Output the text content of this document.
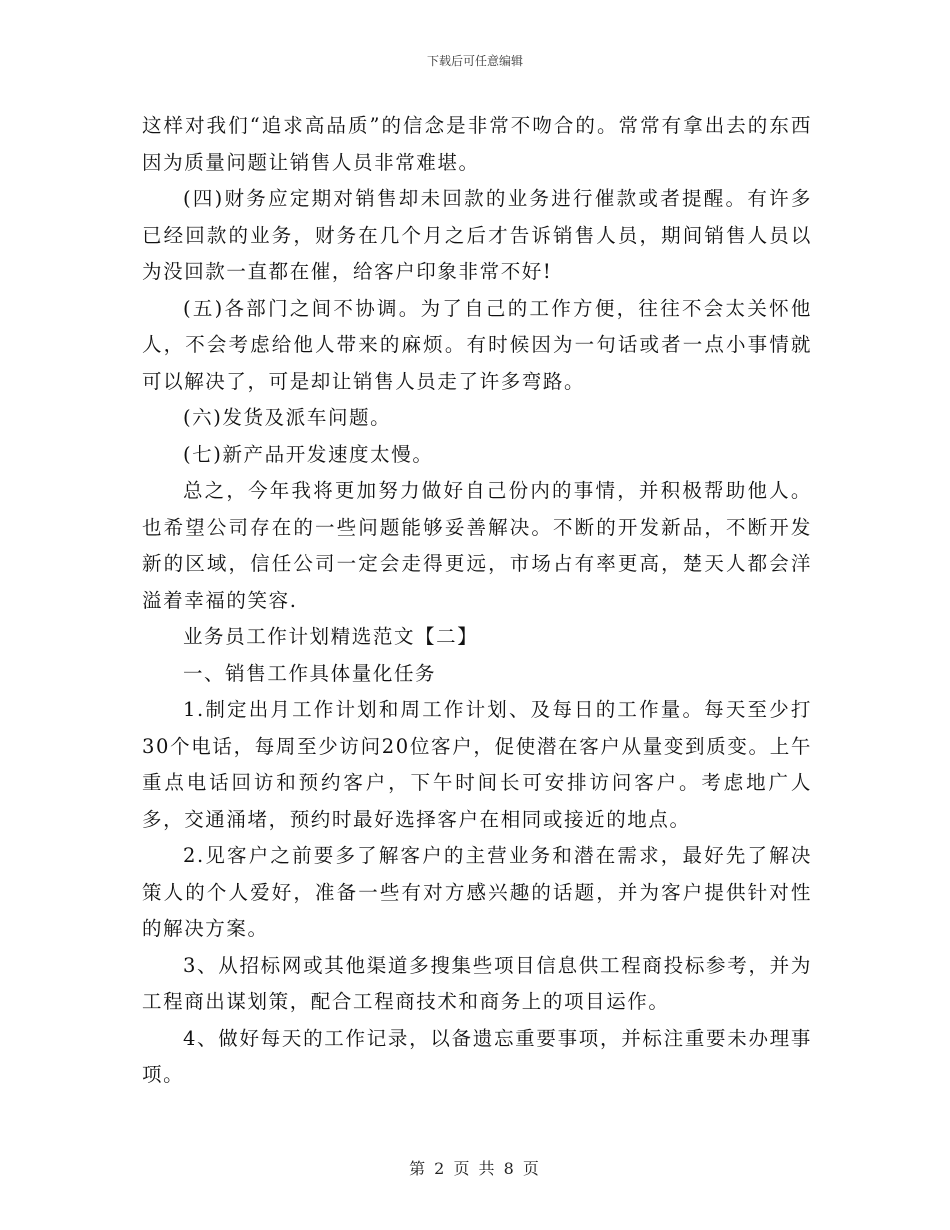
下载后可任意编辑

这样对我们“追求高品质”的信念是非常不吻合的。常常有拿出去的东西因为质量问题让销售人员非常难堪。

(四)财务应定期对销售却未回款的业务进行催款或者提醒。有许多已经回款的业务，财务在几个月之后才告诉销售人员，期间销售人员以为没回款一直都在催，给客户印象非常不好!

(五)各部门之间不协调。为了自己的工作方便，往往不会太关怀他人，不会考虑给他人带来的麻烦。有时候因为一句话或者一点小事情就可以解决了，可是却让销售人员走了许多弯路。

(六)发货及派车问题。

(七)新产品开发速度太慢。

总之，今年我将更加努力做好自己份内的事情，并积极帮助他人。也希望公司存在的一些问题能够妥善解决。不断的开发新品，不断开发新的区域，信任公司一定会走得更远，市场占有率更高，楚天人都会洋溢着幸福的笑容.

业务员工作计划精选范文【二】

一、销售工作具体量化任务

1.制定出月工作计划和周工作计划、及每日的工作量。每天至少打30个电话，每周至少访问20位客户，促使潜在客户从量变到质变。上午重点电话回访和预约客户，下午时间长可安排访问客户。考虑地广人多，交通涌堵，预约时最好选择客户在相同或接近的地点。

2.见客户之前要多了解客户的主营业务和潜在需求，最好先了解决策人的个人爱好，准备一些有对方感兴趣的话题，并为客户提供针对性的解决方案。

3、从招标网或其他渠道多搜集些项目信息供工程商投标参考，并为工程商出谋划策，配合工程商技术和商务上的项目运作。

4、做好每天的工作记录，以备遗忘重要事项，并标注重要未办理事项。

第 2 页 共 8 页
